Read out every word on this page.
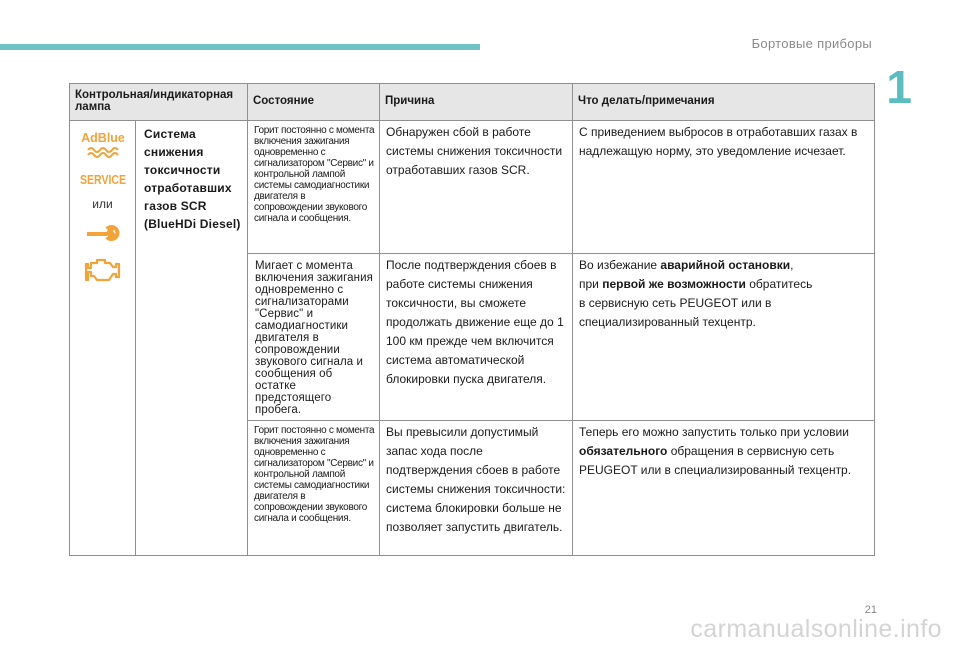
Бортовые приборы
1
Контрольная/индикаторная лампа		Состояние	Причина	Что делать/примечания

AdBlue
SERVICE
или	Система снижения токсичности отработавших газов SCR (BlueHDi Diesel)	Горит постоянно с момента включения зажигания одновременно с сигнализатором "Сервис" и контрольной лампой системы самодиагностики двигателя в сопровождении звукового сигнала и сообщения.	Обнаружен сбой в работе системы снижения токсичности отработавших газов SCR.	С приведением выбросов в отработавших газах в надлежащую норму, это уведомление исчезает.
		Мигает с момента включения зажигания одновременно с сигнализаторами "Сервис" и самодиагностики двигателя в сопровождении звукового сигнала и сообщения об остатке предстоящего пробега.	После подтверждения сбоев в работе системы снижения токсичности, вы сможете продолжать движение еще до 1 100 км прежде чем включится система автоматической блокировки пуска двигателя.	Во избежание аварийной остановки,
при первой же возможности обратитесь
в сервисную сеть PEUGEOT или в специализированный техцентр.
		Горит постоянно с момента включения зажигания одновременно с сигнализатором "Сервис" и контрольной лампой системы самодиагностики двигателя в сопровождении звукового сигнала и сообщения.	Вы превысили допустимый запас хода после подтверждения сбоев в работе системы снижения токсичности: система блокировки больше не позволяет запустить двигатель.	Теперь его можно запустить только при условии обязательного обращения в сервисную сеть PEUGEOT или в специализированный техцентр.
21
carmanualsonline.info
